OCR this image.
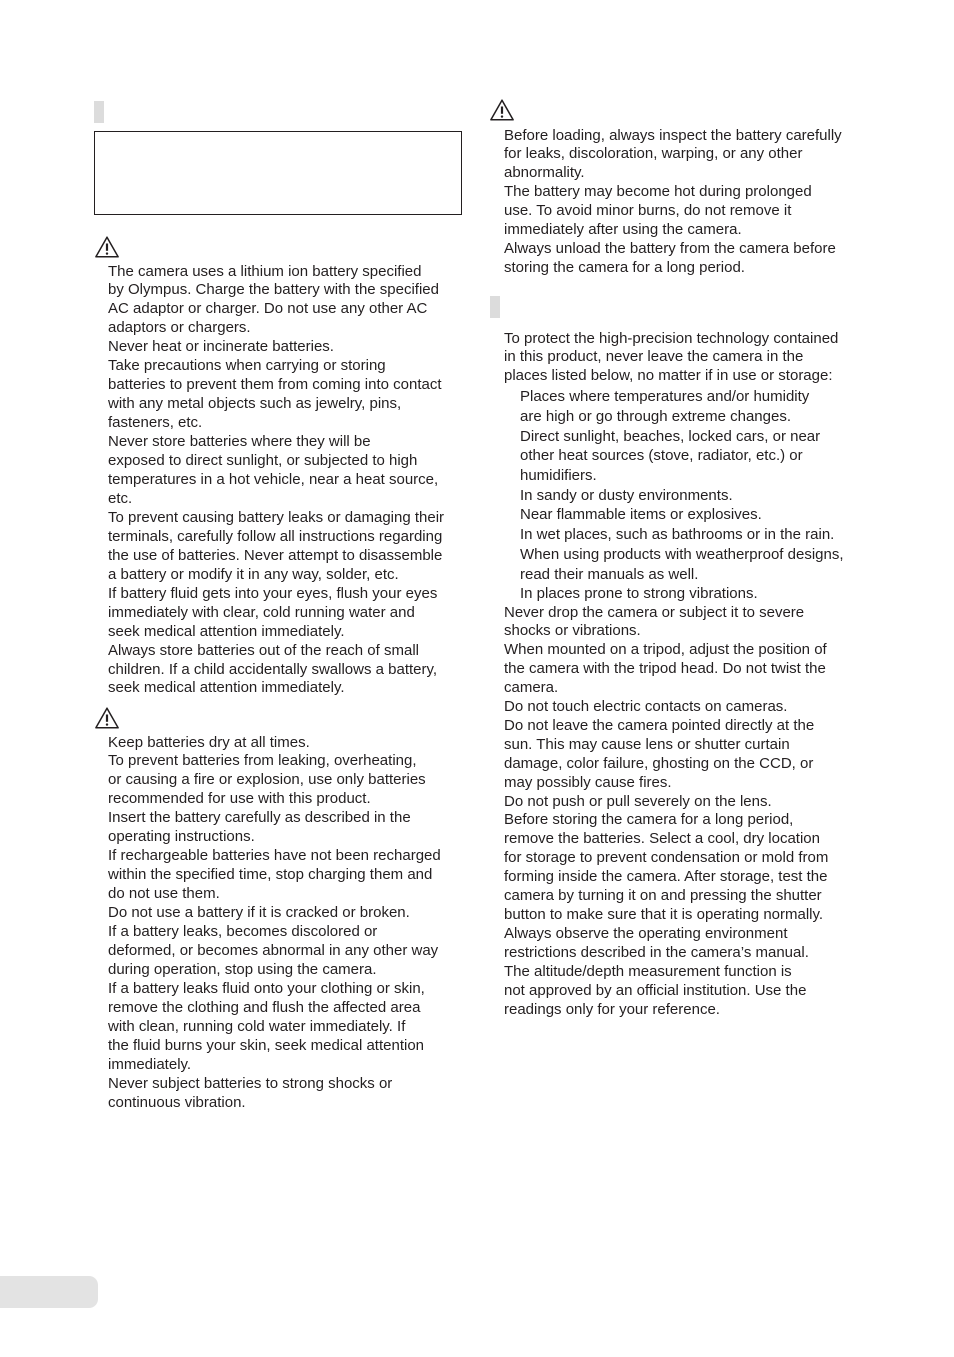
The camera uses a lithium ion battery specified
by Olympus. Charge the battery with the specified
AC adaptor or charger. Do not use any other AC
adaptors or chargers.
Never heat or incinerate batteries.
Take precautions when carrying or storing
batteries to prevent them from coming into contact
with any metal objects such as jewelry, pins,
fasteners, etc.
Never store batteries where they will be
exposed to direct sunlight, or subjected to high
temperatures in a hot vehicle, near a heat source,
etc.
To prevent causing battery leaks or damaging their
terminals, carefully follow all instructions regarding
the use of batteries. Never attempt to disassemble
a battery or modify it in any way, solder, etc.
If battery fluid gets into your eyes, flush your eyes
immediately with clear, cold running water and
seek medical attention immediately.
Always store batteries out of the reach of small
children. If a child accidentally swallows a battery,
seek medical attention immediately.
Keep batteries dry at all times.
To prevent batteries from leaking, overheating,
or causing a fire or explosion, use only batteries
recommended for use with this product.
Insert the battery carefully as described in the
operating instructions.
If rechargeable batteries have not been recharged
within the specified time, stop charging them and
do not use them.
Do not use a battery if it is cracked or broken.
If a battery leaks, becomes discolored or
deformed, or becomes abnormal in any other way
during operation, stop using the camera.
If a battery leaks fluid onto your clothing or skin,
remove the clothing and flush the affected area
with clean, running cold water immediately. If
the fluid burns your skin, seek medical attention
immediately.
Never subject batteries to strong shocks or
continuous vibration.
Before loading, always inspect the battery carefully
for leaks, discoloration, warping, or any other
abnormality.
The battery may become hot during prolonged
use. To avoid minor burns, do not remove it
immediately after using the camera.
Always unload the battery from the camera before
storing the camera for a long period.
To protect the high-precision technology contained
in this product, never leave the camera in the
places listed below, no matter if in use or storage:
Places where temperatures and/or humidity
are high or go through extreme changes.
Direct sunlight, beaches, locked cars, or near
other heat sources (stove, radiator, etc.) or
humidifiers.
In sandy or dusty environments.
Near flammable items or explosives.
In wet places, such as bathrooms or in the rain.
When using products with weatherproof designs,
read their manuals as well.
In places prone to strong vibrations.
Never drop the camera or subject it to severe
shocks or vibrations.
When mounted on a tripod, adjust the position of
the camera with the tripod head. Do not twist the
camera.
Do not touch electric contacts on cameras.
Do not leave the camera pointed directly at the
sun. This may cause lens or shutter curtain
damage, color failure, ghosting on the CCD, or
may possibly cause fires.
Do not push or pull severely on the lens.
Before storing the camera for a long period,
remove the batteries. Select a cool, dry location
for storage to prevent condensation or mold from
forming inside the camera. After storage, test the
camera by turning it on and pressing the shutter
button to make sure that it is operating normally.
Always observe the operating environment
restrictions described in the camera’s manual.
The altitude/depth measurement function is
not approved by an official institution. Use the
readings only for your reference.
